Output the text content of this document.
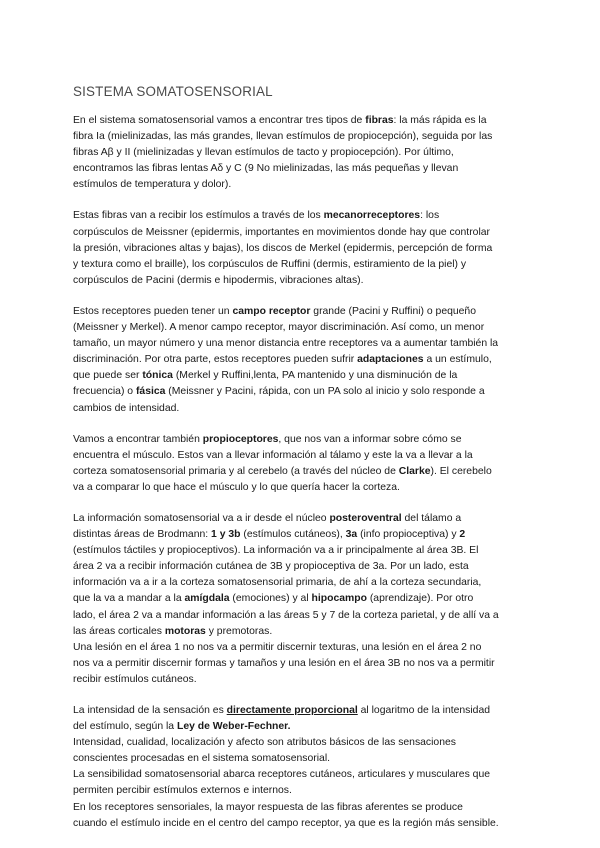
SISTEMA SOMATOSENSORIAL

En el sistema somatosensorial vamos a encontrar tres tipos de fibras: la más rápida es la
fibra Ia (mielinizadas, las más grandes, llevan estímulos de propiocepción), seguida por las
fibras Aβ y II (mielinizadas y llevan estímulos de tacto y propiocepción). Por último,
encontramos las fibras lentas Aδ y C (9 No mielinizadas, las más pequeñas y llevan
estímulos de temperatura y dolor).

Estas fibras van a recibir los estímulos a través de los mecanorreceptores: los
corpúsculos de Meissner (epidermis, importantes en movimientos donde hay que controlar
la presión, vibraciones altas y bajas), los discos de Merkel (epidermis, percepción de forma
y textura como el braille), los corpúsculos de Ruffini (dermis, estiramiento de la piel) y
corpúsculos de Pacini (dermis e hipodermis, vibraciones altas).

Estos receptores pueden tener un campo receptor grande (Pacini y Ruffini) o pequeño
(Meissner y Merkel). A menor campo receptor, mayor discriminación. Así como, un menor
tamaño, un mayor número y una menor distancia entre receptores va a aumentar también la
discriminación. Por otra parte, estos receptores pueden sufrir adaptaciones a un estímulo,
que puede ser tónica (Merkel y Ruffini,lenta, PA mantenido y una disminución de la
frecuencia) o fásica (Meissner y Pacini, rápida, con un PA solo al inicio y solo responde a
cambios de intensidad.

Vamos a encontrar también propioceptores, que nos van a informar sobre cómo se
encuentra el músculo. Estos van a llevar información al tálamo y este la va a llevar a la
corteza somatosensorial primaria y al cerebelo (a través del núcleo de Clarke). El cerebelo
va a comparar lo que hace el músculo y lo que quería hacer la corteza.

La información somatosensorial va a ir desde el núcleo posteroventral del tálamo a
distintas áreas de Brodmann: 1 y 3b (estímulos cutáneos), 3a (info propioceptiva) y 2
(estímulos táctiles y propioceptivos). La información va a ir principalmente al área 3B. El
área 2 va a recibir información cutánea de 3B y propioceptiva de 3a. Por un lado, esta
información va a ir a la corteza somatosensorial primaria, de ahí a la corteza secundaria,
que la va a mandar a la amígdala (emociones) y al hipocampo (aprendizaje). Por otro
lado, el área 2 va a mandar información a las áreas 5 y 7 de la corteza parietal, y de allí va a
las áreas corticales motoras y premotoras.
Una lesión en el área 1 no nos va a permitir discernir texturas, una lesión en el área 2 no
nos va a permitir discernir formas y tamaños y una lesión en el área 3B no nos va a permitir
recibir estímulos cutáneos.

La intensidad de la sensación es directamente proporcional al logaritmo de la intensidad
del estímulo, según la Ley de Weber-Fechner.
Intensidad, cualidad, localización y afecto son atributos básicos de las sensaciones
conscientes procesadas en el sistema somatosensorial.
La sensibilidad somatosensorial abarca receptores cutáneos, articulares y musculares que
permiten percibir estímulos externos e internos.
En los receptores sensoriales, la mayor respuesta de las fibras aferentes se produce
cuando el estímulo incide en el centro del campo receptor, ya que es la región más sensible.
